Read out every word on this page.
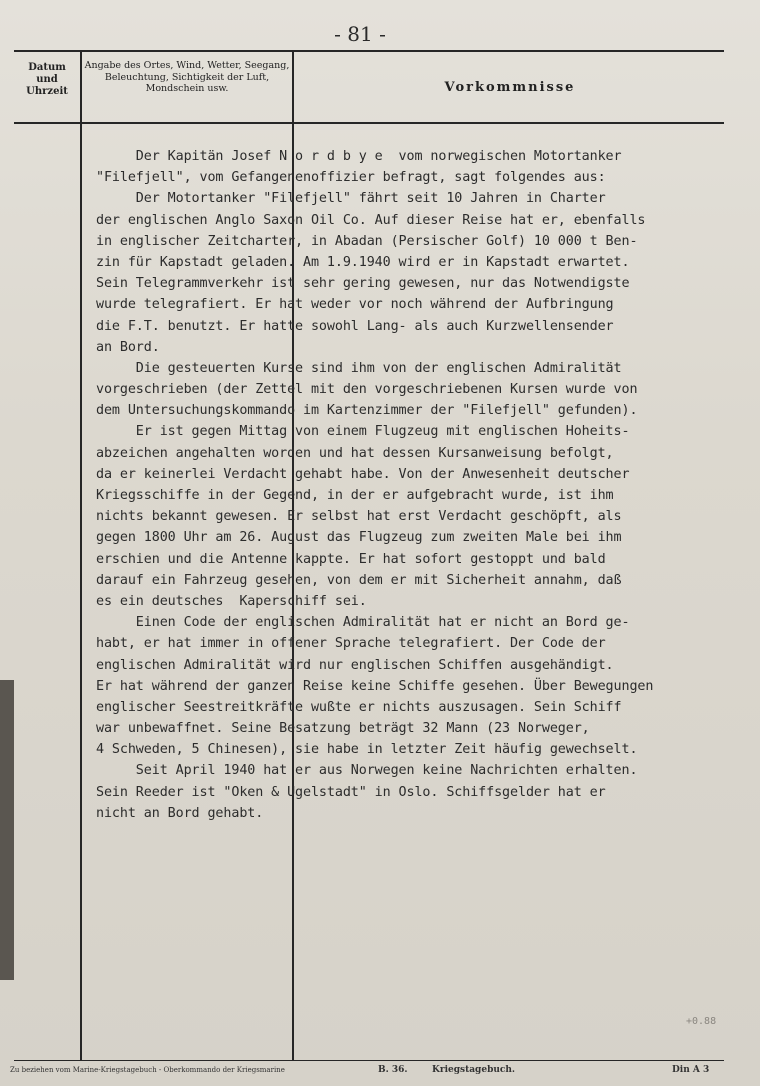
- 81 -
Datum und Uhrzeit
Angabe des Ortes, Wind, Wetter, Seegang, Beleuchtung, Sichtigkeit der Luft, Mondschein usw.	Vorkommnisse
Der Kapitän Josef N o r d b y e  vom norwegischen Motortanker
"Filefjell", vom Gefangenenoffizier befragt, sagt folgendes aus:
Der Motortanker "Filefjell" fährt seit 10 Jahren in Charter
der englischen Anglo Saxon Oil Co. Auf dieser Reise hat er, ebenfalls
in englischer Zeitcharter, in Abadan (Persischer Golf) 10 000 t Ben-
zin für Kapstadt geladen. Am 1.9.1940 wird er in Kapstadt erwartet.
Sein Telegrammverkehr ist sehr gering gewesen, nur das Notwendigste
wurde telegrafiert. Er hat weder vor noch während der Aufbringung
die F.T. benutzt. Er hatte sowohl Lang- als auch Kurzwellensender
an Bord.
Die gesteuerten Kurse sind ihm von der englischen Admiralität
vorgeschrieben (der Zettel mit den vorgeschriebenen Kursen wurde von
dem Untersuchungskommando im Kartenzimmer der "Filefjell" gefunden).
Er ist gegen Mittag von einem Flugzeug mit englischen Hoheits-
abzeichen angehalten worden und hat dessen Kursanweisung befolgt,
da er keinerlei Verdacht gehabt habe. Von der Anwesenheit deutscher
Kriegsschiffe in der Gegend, in der er aufgebracht wurde, ist ihm
nichts bekannt gewesen. Er selbst hat erst Verdacht geschöpft, als
gegen 1800 Uhr am 26. August das Flugzeug zum zweiten Male bei ihm
erschien und die Antenne kappte. Er hat sofort gestoppt und bald
darauf ein Fahrzeug gesehen, von dem er mit Sicherheit annahm, daß
es ein deutsches  Kaperschiff sei.
Einen Code der englischen Admiralität hat er nicht an Bord ge-
habt, er hat immer in offener Sprache telegrafiert. Der Code der
englischen Admiralität wird nur englischen Schiffen ausgehändigt.
Er hat während der ganzen Reise keine Schiffe gesehen. Über Bewegungen
englischer Seestreitkräfte wußte er nichts auszusagen. Sein Schiff
war unbewaffnet. Seine Besatzung beträgt 32 Mann (23 Norweger,
4 Schweden, 5 Chinesen), sie habe in letzter Zeit häufig gewechselt.
Seit April 1940 hat er aus Norwegen keine Nachrichten erhalten.
Sein Reeder ist "Oken & Ugelstadt" in Oslo. Schiffsgelder hat er
nicht an Bord gehabt.
+0.88
Zu beziehen vom Marine-Kriegstagebuch - Oberkommando der Kriegsmarine	B. 36.	Kriegstagebuch.	Din A 3
